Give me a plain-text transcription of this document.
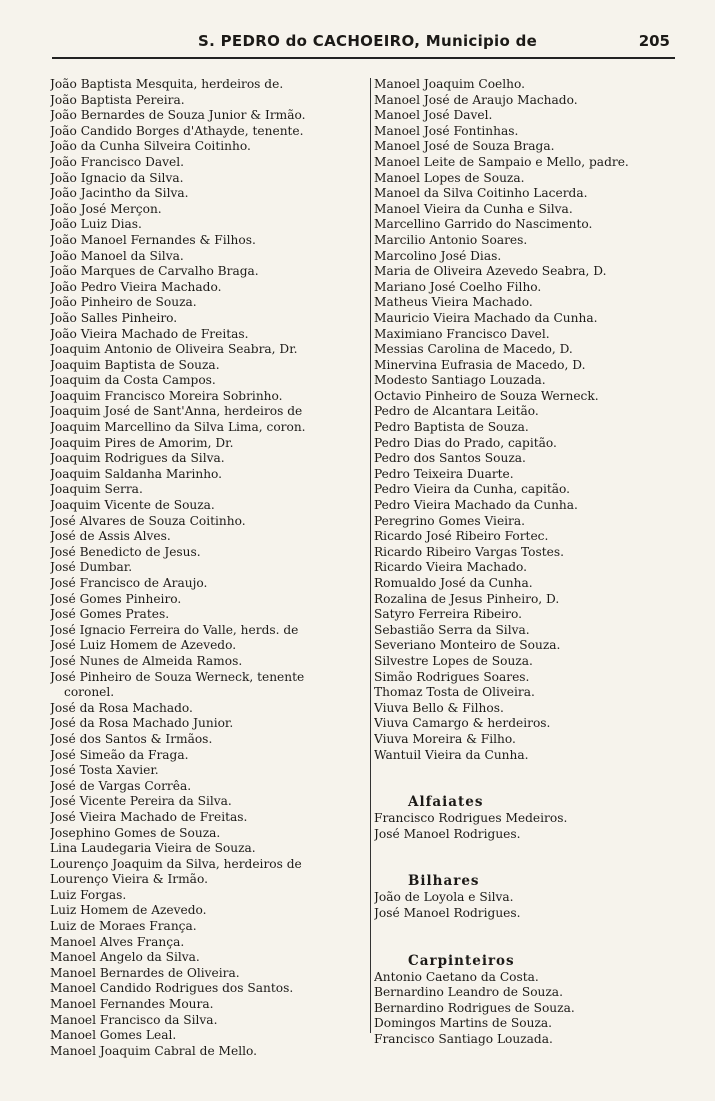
S. PEDRO do CACHOEIRO, Municipio de	205
João Baptista Mesquita, herdeiros de.
João Baptista Pereira.
João Bernardes de Souza Junior & Irmão.
João Candido Borges d'Athayde, tenente.
João da Cunha Silveira Coitinho.
João Francisco Davel.
João Ignacio da Silva.
João Jacintho da Silva.
João José Merçon.
João Luiz Dias.
João Manoel Fernandes & Filhos.
João Manoel da Silva.
João Marques de Carvalho Braga.
João Pedro Vieira Machado.
João Pinheiro de Souza.
João Salles Pinheiro.
João Vieira Machado de Freitas.
Joaquim Antonio de Oliveira Seabra, Dr.
Joaquim Baptista de Souza.
Joaquim da Costa Campos.
Joaquim Francisco Moreira Sobrinho.
Joaquim José de Sant'Anna, herdeiros de
Joaquim Marcellino da Silva Lima, coron.
Joaquim Pires de Amorim, Dr.
Joaquim Rodrigues da Silva.
Joaquim Saldanha Marinho.
Joaquim Serra.
Joaquim Vicente de Souza.
José Alvares de Souza Coitinho.
José de Assis Alves.
José Benedicto de Jesus.
José Dumbar.
José Francisco de Araujo.
José Gomes Pinheiro.
José Gomes Prates.
José Ignacio Ferreira do Valle, herds. de
José Luiz Homem de Azevedo.
José Nunes de Almeida Ramos.
José Pinheiro de Souza Werneck, tenente
coronel.
José da Rosa Machado.
José da Rosa Machado Junior.
José dos Santos & Irmãos.
José Simeão da Fraga.
José Tosta Xavier.
José de Vargas Corrêa.
José Vicente Pereira da Silva.
José Vieira Machado de Freitas.
Josephino Gomes de Souza.
Lina Laudegaria Vieira de Souza.
Lourenço Joaquim da Silva, herdeiros de
Lourenço Vieira & Irmão.
Luiz Forgas.
Luiz Homem de Azevedo.
Luiz de Moraes França.
Manoel Alves França.
Manoel Angelo da Silva.
Manoel Bernardes de Oliveira.
Manoel Candido Rodrigues dos Santos.
Manoel Fernandes Moura.
Manoel Francisco da Silva.
Manoel Gomes Leal.
Manoel Joaquim Cabral de Mello.
Manoel Joaquim Coelho.
Manoel José de Araujo Machado.
Manoel José Davel.
Manoel José Fontinhas.
Manoel José de Souza Braga.
Manoel Leite de Sampaio e Mello, padre.
Manoel Lopes de Souza.
Manoel da Silva Coitinho Lacerda.
Manoel Vieira da Cunha e Silva.
Marcellino Garrido do Nascimento.
Marcilio Antonio Soares.
Marcolino José Dias.
Maria de Oliveira Azevedo Seabra, D.
Mariano José Coelho Filho.
Matheus Vieira Machado.
Mauricio Vieira Machado da Cunha.
Maximiano Francisco Davel.
Messias Carolina de Macedo, D.
Minervina Eufrasia de Macedo, D.
Modesto Santiago Louzada.
Octavio Pinheiro de Souza Werneck.
Pedro de Alcantara Leitão.
Pedro Baptista de Souza.
Pedro Dias do Prado, capitão.
Pedro dos Santos Souza.
Pedro Teixeira Duarte.
Pedro Vieira da Cunha, capitão.
Pedro Vieira Machado da Cunha.
Peregrino Gomes Vieira.
Ricardo José Ribeiro Fortec.
Ricardo Ribeiro Vargas Tostes.
Ricardo Vieira Machado.
Romualdo José da Cunha.
Rozalina de Jesus Pinheiro, D.
Satyro Ferreira Ribeiro.
Sebastião Serra da Silva.
Severiano Monteiro de Souza.
Silvestre Lopes de Souza.
Simão Rodrigues Soares.
Thomaz Tosta de Oliveira.
Viuva Bello & Filhos.
Viuva Camargo & herdeiros.
Viuva Moreira & Filho.
Wantuil Vieira da Cunha.
Alfaiates
Francisco Rodrigues Medeiros.
José Manoel Rodrigues.
Bilhares
João de Loyola e Silva.
José Manoel Rodrigues.
Carpinteiros
Antonio Caetano da Costa.
Bernardino Leandro de Souza.
Bernardino Rodrigues de Souza.
Domingos Martins de Souza.
Francisco Santiago Louzada.
